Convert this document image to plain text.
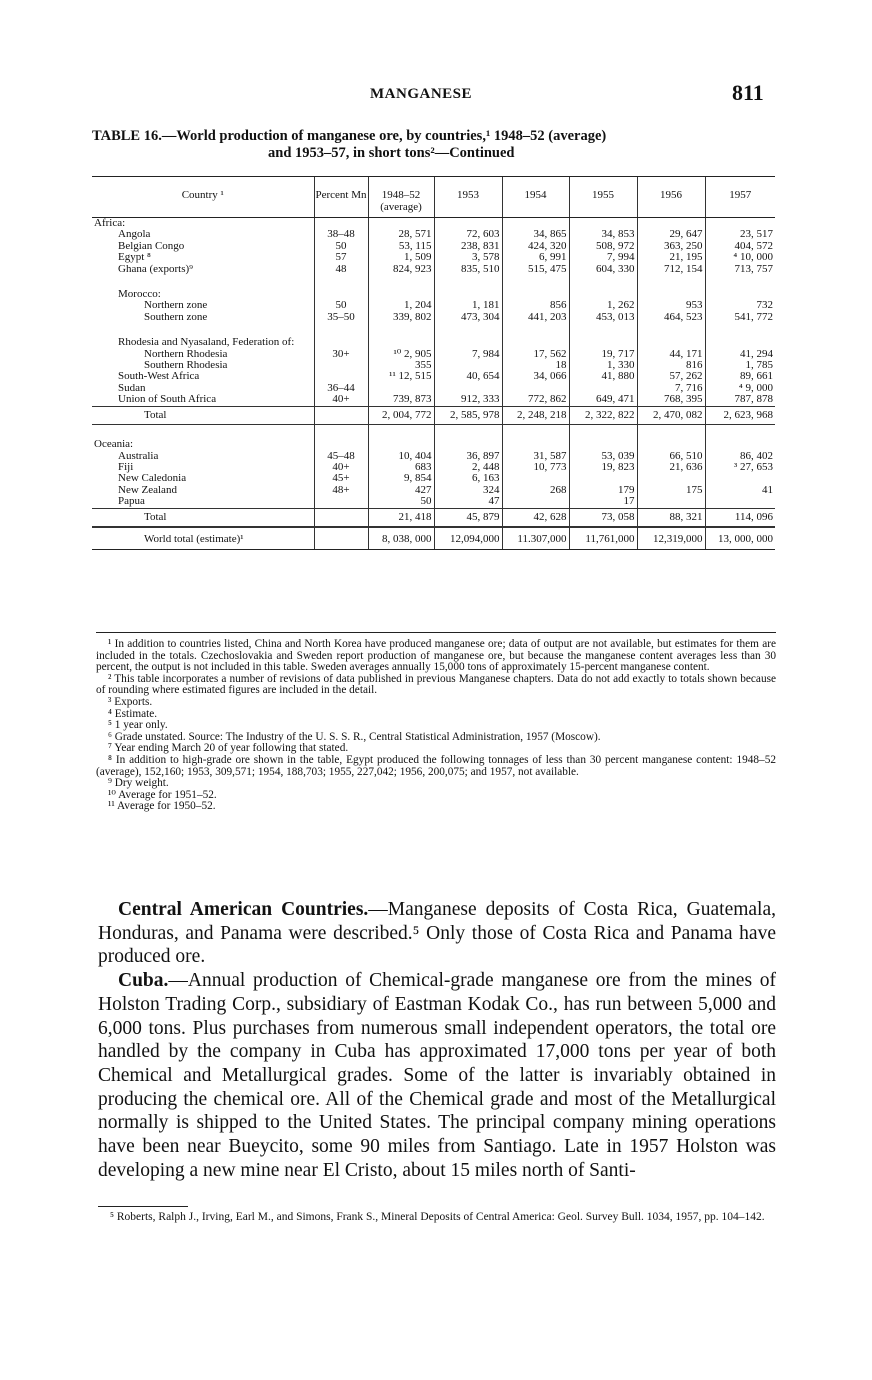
MANGANESE	811
TABLE 16.—World production of manganese ore, by countries,¹ 1948–52 (average)
and 1953–57, in short tons²—Continued
Country ¹	Percent Mn	1948–52 (average)	1953	1954	1955	1956	1957
Africa:							
Angola	38–48	28, 571	72, 603	34, 865	34, 853	29, 647	23, 517
Belgian Congo	50	53, 115	238, 831	424, 320	508, 972	363, 250	404, 572
Egypt ⁸	57	1, 509	3, 578	6, 991	7, 994	21, 195	⁴ 10, 000
Ghana (exports)⁹	48	824, 923	835, 510	515, 475	604, 330	712, 154	713, 757

Morocco:							
Northern zone	50	1, 204	1, 181	856	1, 262	953	732
Southern zone	35–50	339, 802	473, 304	441, 203	453, 013	464, 523	541, 772

Rhodesia and Nyasaland, Federation of:							
Northern Rhodesia	30+	¹⁰ 2, 905	7, 984	17, 562	19, 717	44, 171	41, 294
Southern Rhodesia		355		18	1, 330	816	1, 785
South-West Africa		¹¹ 12, 515	40, 654	34, 066	41, 880	57, 262	89, 661
Sudan	36–44					7, 716	⁴ 9, 000
Union of South Africa	40+	739, 873	912, 333	772, 862	649, 471	768, 395	787, 878
Total		2, 004, 772	2, 585, 978	2, 248, 218	2, 322, 822	2, 470, 082	2, 623, 968

Oceania:							
Australia	45–48	10, 404	36, 897	31, 587	53, 039	66, 510	86, 402
Fiji	40+	683	2, 448	10, 773	19, 823	21, 636	³ 27, 653
New Caledonia	45+	9, 854	6, 163				
New Zealand	48+	427	324	268	179	175	41
Papua		50	47		17		
Total		21, 418	45, 879	42, 628	73, 058	88, 321	114, 096
World total (estimate)¹		8, 038, 000	12,094,000	11.307,000	11,761,000	12,319,000	13, 000, 000
¹ In addition to countries listed, China and North Korea have produced manganese ore; data of output are not available, but estimates for them are included in the totals. Czechoslovakia and Sweden report production of manganese ore, but because the manganese content averages less than 30 percent, the output is not included in this table. Sweden averages annually 15,000 tons of approximately 15-percent manganese content.
² This table incorporates a number of revisions of data published in previous Manganese chapters. Data do not add exactly to totals shown because of rounding where estimated figures are included in the detail.
³ Exports.
⁴ Estimate.
⁵ 1 year only.
⁶ Grade unstated. Source: The Industry of the U. S. S. R., Central Statistical Administration, 1957 (Moscow).
⁷ Year ending March 20 of year following that stated.
⁸ In addition to high-grade ore shown in the table, Egypt produced the following tonnages of less than 30 percent manganese content: 1948–52 (average), 152,160; 1953, 309,571; 1954, 188,703; 1955, 227,042; 1956, 200,075; and 1957, not available.
⁹ Dry weight.
¹⁰ Average for 1951–52.
¹¹ Average for 1950–52.

Central American Countries.—Manganese deposits of Costa Rica, Guatemala, Honduras, and Panama were described.⁵ Only those of Costa Rica and Panama have produced ore.

Cuba.—Annual production of Chemical-grade manganese ore from the mines of Holston Trading Corp., subsidiary of Eastman Kodak Co., has run between 5,000 and 6,000 tons. Plus purchases from numerous small independent operators, the total ore handled by the company in Cuba has approximated 17,000 tons per year of both Chemical and Metallurgical grades. Some of the latter is invariably obtained in producing the chemical ore. All of the Chemical grade and most of the Metallurgical normally is shipped to the United States. The principal company mining operations have been near Bueycito, some 90 miles from Santiago. Late in 1957 Holston was developing a new mine near El Cristo, about 15 miles north of Santi-

⁵ Roberts, Ralph J., Irving, Earl M., and Simons, Frank S., Mineral Deposits of Central America: Geol. Survey Bull. 1034, 1957, pp. 104–142.
